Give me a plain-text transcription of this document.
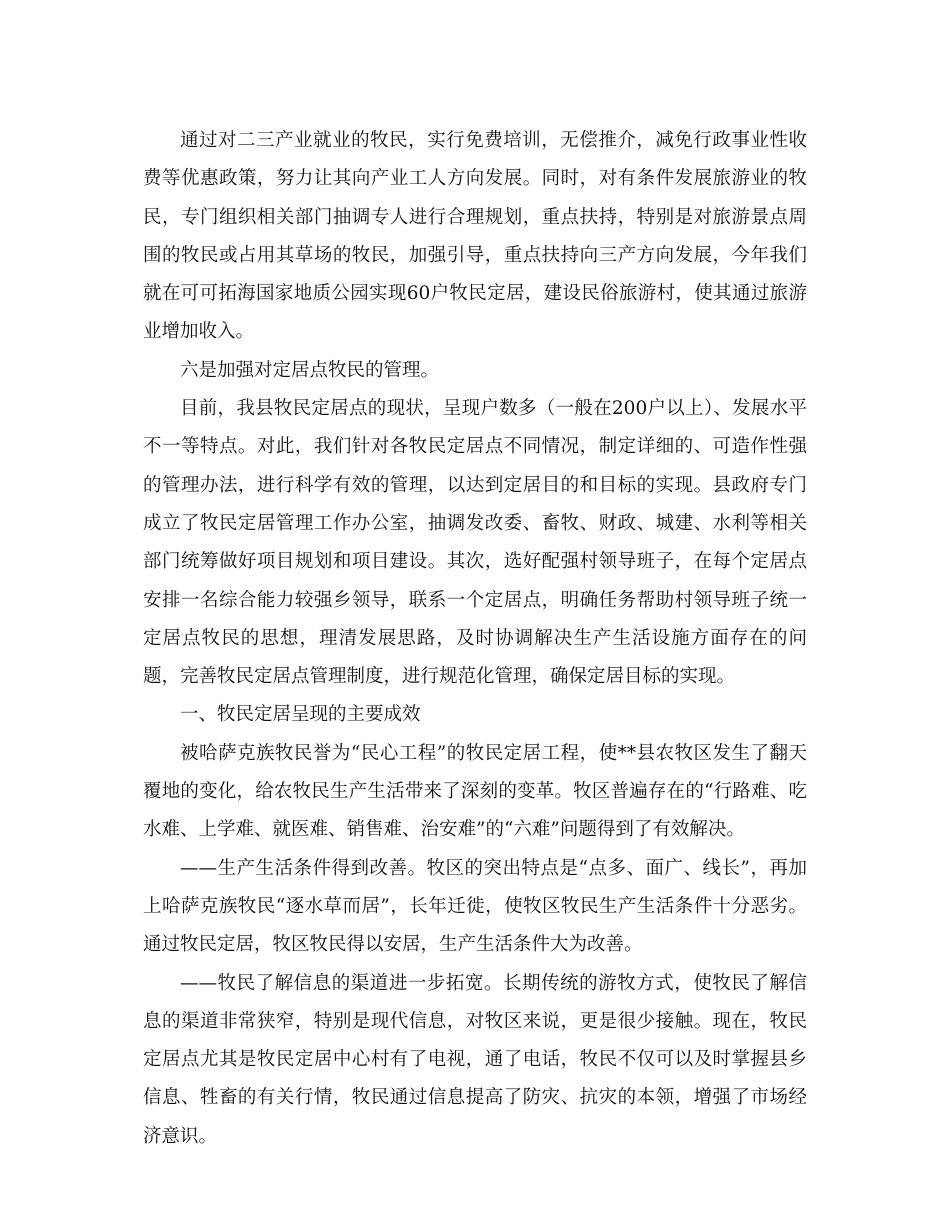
通过对二三产业就业的牧民，实行免费培训，无偿推介，减免行政事业性收费等优惠政策，努力让其向产业工人方向发展。同时，对有条件发展旅游业的牧民，专门组织相关部门抽调专人进行合理规划，重点扶持，特别是对旅游景点周围的牧民或占用其草场的牧民，加强引导，重点扶持向三产方向发展，今年我们就在可可拓海国家地质公园实现60户牧民定居，建设民俗旅游村，使其通过旅游业增加收入。

六是加强对定居点牧民的管理。

目前，我县牧民定居点的现状，呈现户数多（一般在200户以上）、发展水平不一等特点。对此，我们针对各牧民定居点不同情况，制定详细的、可造作性强的管理办法，进行科学有效的管理，以达到定居目的和目标的实现。县政府专门成立了牧民定居管理工作办公室，抽调发改委、畜牧、财政、城建、水利等相关部门统筹做好项目规划和项目建设。其次，选好配强村领导班子，在每个定居点安排一名综合能力较强乡领导，联系一个定居点，明确任务帮助村领导班子统一定居点牧民的思想，理清发展思路，及时协调解决生产生活设施方面存在的问题，完善牧民定居点管理制度，进行规范化管理，确保定居目标的实现。

一、牧民定居呈现的主要成效

被哈萨克族牧民誉为“民心工程”的牧民定居工程，使**县农牧区发生了翻天覆地的变化，给农牧民生产生活带来了深刻的变革。牧区普遍存在的“行路难、吃水难、上学难、就医难、销售难、治安难”的“六难”问题得到了有效解决。

——生产生活条件得到改善。牧区的突出特点是“点多、面广、线长”，再加上哈萨克族牧民“逐水草而居”，长年迁徙，使牧区牧民生产生活条件十分恶劣。通过牧民定居，牧区牧民得以安居，生产生活条件大为改善。

——牧民了解信息的渠道进一步拓宽。长期传统的游牧方式，使牧民了解信息的渠道非常狭窄，特别是现代信息，对牧区来说，更是很少接触。现在，牧民定居点尤其是牧民定居中心村有了电视，通了电话，牧民不仅可以及时掌握县乡信息、牲畜的有关行情，牧民通过信息提高了防灾、抗灾的本领，增强了市场经济意识。
